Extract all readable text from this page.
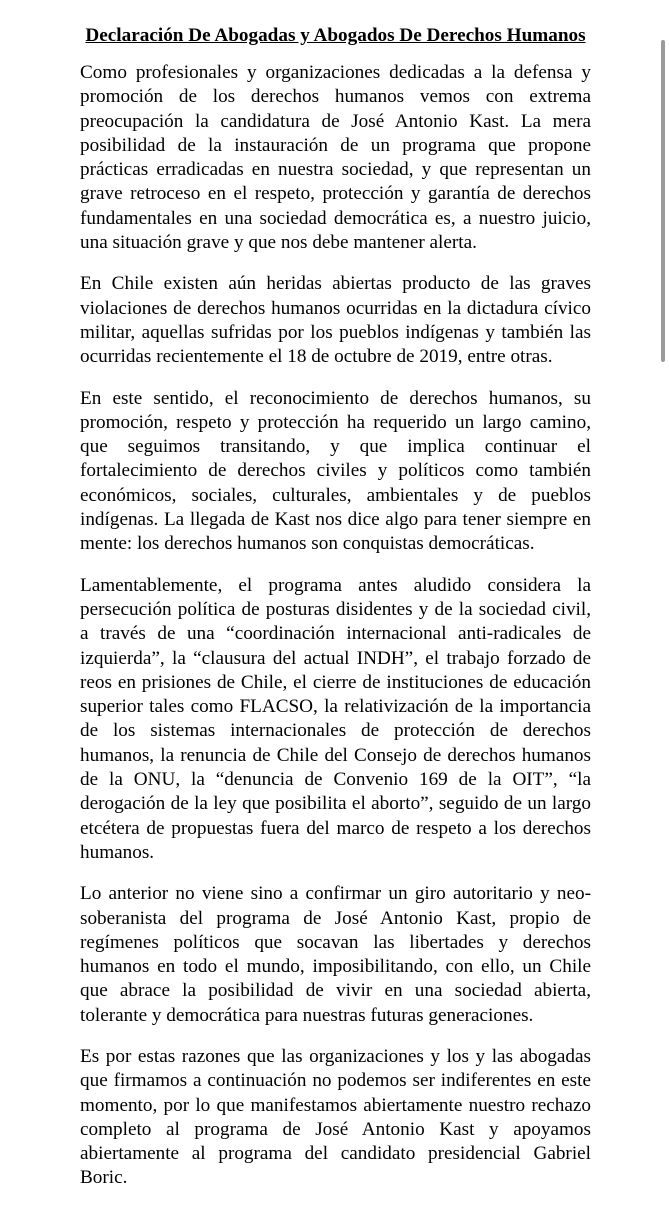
Declaración De Abogadas y Abogados De Derechos Humanos

Como profesionales y organizaciones dedicadas a la defensa y promoción de los derechos humanos vemos con extrema preocupación la candidatura de José Antonio Kast. La mera posibilidad de la instauración de un programa que propone prácticas erradicadas en nuestra sociedad, y que representan un grave retroceso en el respeto, protección y garantía de derechos fundamentales en una sociedad democrática es, a nuestro juicio, una situación grave y que nos debe mantener alerta.

En Chile existen aún heridas abiertas producto de las graves violaciones de derechos humanos ocurridas en la dictadura cívico militar, aquellas sufridas por los pueblos indígenas y también las ocurridas recientemente el 18 de octubre de 2019, entre otras.

En este sentido, el reconocimiento de derechos humanos, su promoción, respeto y protección ha requerido un largo camino, que seguimos transitando, y que implica continuar el fortalecimiento de derechos civiles y políticos como también económicos, sociales, culturales, ambientales y de pueblos indígenas. La llegada de Kast nos dice algo para tener siempre en mente: los derechos humanos son conquistas democráticas.

Lamentablemente, el programa antes aludido considera la persecución política de posturas disidentes y de la sociedad civil, a través de una “coordinación internacional anti-radicales de izquierda”, la “clausura del actual INDH”, el trabajo forzado de reos en prisiones de Chile, el cierre de instituciones de educación superior tales como FLACSO, la relativización de la importancia de los sistemas internacionales de protección de derechos humanos, la renuncia de Chile del Consejo de derechos humanos de la ONU, la “denuncia de Convenio 169 de la OIT”, “la derogación de la ley que posibilita el aborto”, seguido de un largo etcétera de propuestas fuera del marco de respeto a los derechos humanos.

Lo anterior no viene sino a confirmar un giro autoritario y neo-soberanista del programa de José Antonio Kast, propio de regímenes políticos que socavan las libertades y derechos humanos en todo el mundo, imposibilitando, con ello, un Chile que abrace la posibilidad de vivir en una sociedad abierta, tolerante y democrática para nuestras futuras generaciones.

Es por estas razones que las organizaciones y los y las abogadas que firmamos a continuación no podemos ser indiferentes en este momento, por lo que manifestamos abiertamente nuestro rechazo completo al programa de José Antonio Kast y apoyamos abiertamente al programa del candidato presidencial Gabriel Boric.
